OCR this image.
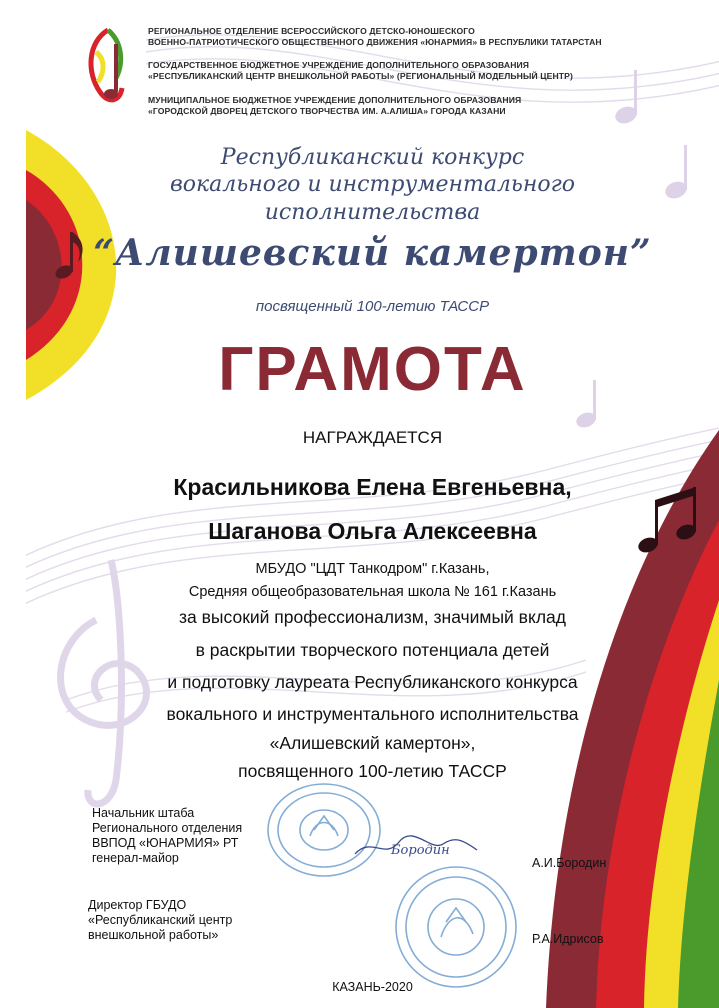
РЕГИОНАЛЬНОЕ ОТДЕЛЕНИЕ ВСЕРОССИЙСКОГО ДЕТСКО-ЮНОШЕСКОГО
ВОЕННО-ПАТРИОТИЧЕСКОГО ОБЩЕСТВЕННОГО ДВИЖЕНИЯ «ЮНАРМИЯ» В РЕСПУБЛИКИ ТАТАРСТАН
ГОСУДАРСТВЕННОЕ БЮДЖЕТНОЕ УЧРЕЖДЕНИЕ ДОПОЛНИТЕЛЬНОГО ОБРАЗОВАНИЯ
«РЕСПУБЛИКАНСКИЙ ЦЕНТР ВНЕШКОЛЬНОЙ РАБОТЫ» (РЕГИОНАЛЬНЫЙ МОДЕЛЬНЫЙ ЦЕНТР)
МУНИЦИПАЛЬНОЕ БЮДЖЕТНОЕ УЧРЕЖДЕНИЕ ДОПОЛНИТЕЛЬНОГО ОБРАЗОВАНИЯ
«ГОРОДСКОЙ ДВОРЕЦ ДЕТСКОГО ТВОРЧЕСТВА ИМ. А.АЛИША» ГОРОДА КАЗАНИ
Республиканский конкурс
вокального и инструментального
исполнительства
“Алишевский камертон”
посвященный 100-летию ТАССР
ГРАМОТА
НАГРАЖДАЕТСЯ
Красильникова Елена Евгеньевна,
Шаганова Ольга Алексеевна
МБУДО "ЦДТ Танкодром" г.Казань,
Средняя общеобразовательная школа № 161 г.Казань
за высокий профессионализм, значимый вклад
в раскрытии творческого потенциала детей
и подготовку лауреата Республиканского конкурса
вокального и инструментального исполнительства
«Алишевский камертон»,
посвященного 100-летию ТАССР
Бородин
Начальник штаба
Регионального отделения
ВВПОД «ЮНАРМИЯ» РТ
генерал-майор	А.И.Бородин
Директор ГБУДО
«Республиканский центр
внешкольной работы»	Р.А.Идрисов
КАЗАНЬ-2020
